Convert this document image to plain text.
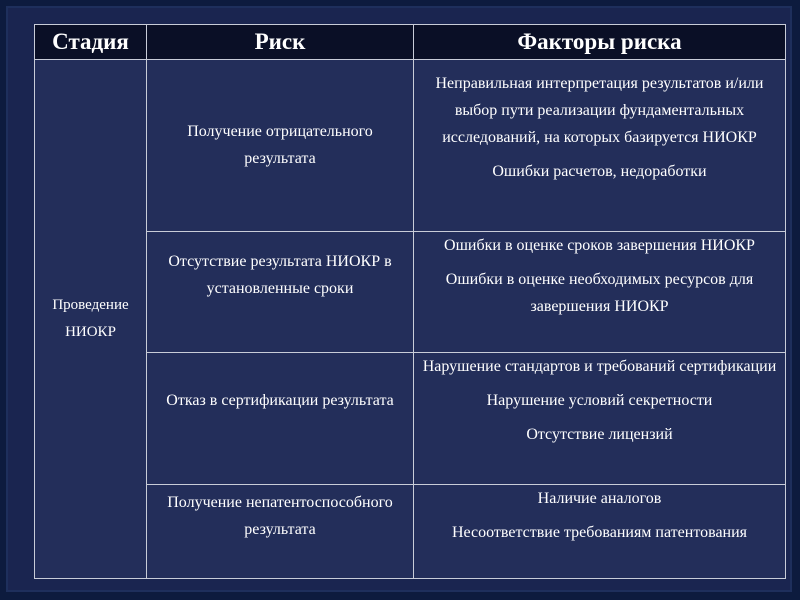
Стадия	Риск	Факторы риска
Проведение НИОКР	Получение отрицательного результата	Неправильная интерпретация результатов и/или выбор пути реализации фундаментальных исследований, на которых базируется НИОКР
Ошибки расчетов, недоработки

	Отсутствие результата НИОКР в установленные сроки	Ошибки в оценке сроков завершения НИОКР
Ошибки в оценке необходимых ресурсов для завершения НИОКР

	Отказ в сертификации результата	Нарушение стандартов и требований сертификации
Нарушение условий секретности
Отсутствие лицензий

	Получение непатентоспособного результата	Наличие аналогов
Несоответствие требованиям патентования
